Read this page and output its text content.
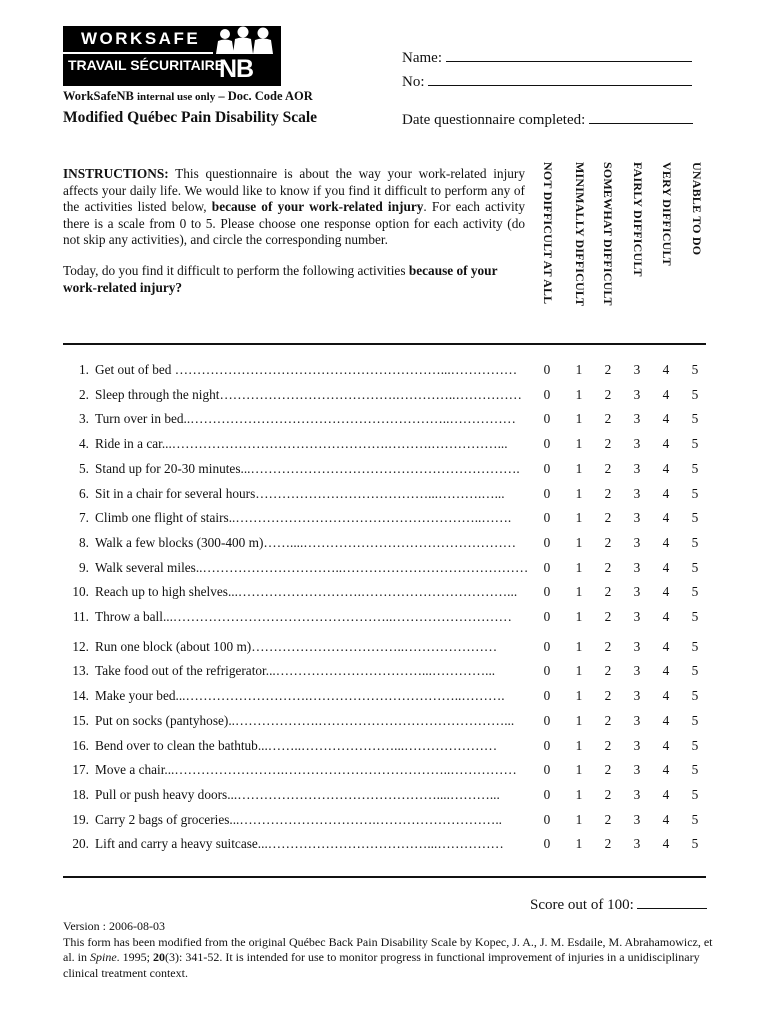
WORKSAFE
TRAVAIL SÉCURITAIRE
NB
WorkSafeNB internal use only – Doc. Code AOR
Modified Québec Pain Disability Scale
Name:
No:
Date questionnaire completed:
INSTRUCTIONS: This questionnaire is about the way your work-related injury affects your daily life. We would like to know if you find it difficult to perform any of the activities listed below, because of your work-related injury. For each activity there is a scale from 0 to 5. Please choose one response option for each activity (do not skip any activities), and circle the corresponding number.
Today, do you find it difficult to perform the following activities because of your work-related injury?	NOT DIFFICULT AT ALL MINIMALLY DIFFICULT SOMEWHAT DIFFICULT FAIRLY DIFFICULT VERY DIFFICULT UNABLE TO DO
1. Get out of bed ……………………………………………………...……………	0 1 2 3 4 5
2. Sleep through the night………………………………….…………..……………	0 1 2 3 4 5
3. Turn over in bed..…………………………………………………..……………	0 1 2 3 4 5
4. Ride in a car...………………………………………….……….……………...	0 1 2 3 4 5
5. Stand up for 20-30 minutes...…………………………………………………….	0 1 2 3 4 5
6. Sit in a chair for several hours…………………………………...……….…...	0 1 2 3 4 5
7. Climb one flight of stairs..………………………………………………..…….	0 1 2 3 4 5
8. Walk a few blocks (300-400 m)……....…………………………………………	0 1 2 3 4 5
9. Walk several miles..…………………………..……………………………………	0 1 2 3 4 5
10. Reach up to high shelves...……………………….……………………………...	0 1 2 3 4 5
11. Throw a ball...…………………………………………..………………………	0 1 2 3 4 5
12. Run one block (about 100 m)……………………………..…………………	0 1 2 3 4 5
13. Take food out of the refrigerator...……………………………...…………...	0 1 2 3 4 5
14. Make your bed...……………………….……………………………..……….	0 1 2 3 4 5
15. Put on socks (pantyhose)..……………….……………………………………...	0 1 2 3 4 5
16. Bend over to clean the bathtub...……..…………………...…………………	0 1 2 3 4 5
17. Move a chair...…………………….………………………………..……………	0 1 2 3 4 5
18. Pull or push heavy doors...………………………………………....………...	0 1 2 3 4 5
19. Carry 2 bags of groceries...………………………….………………………..	0 1 2 3 4 5
20. Lift and carry a heavy suitcase...………………………………...……………	0 1 2 3 4 5
Score out of 100:
Version : 2006-08-03
This form has been modified from the original Québec Back Pain Disability Scale by Kopec, J. A., J. M. Esdaile, M. Abrahamowicz, et al. in Spine. 1995; 20(3): 341-52. It is intended for use to monitor progress in functional improvement of injuries in a unidisciplinary clinical treatment context.
